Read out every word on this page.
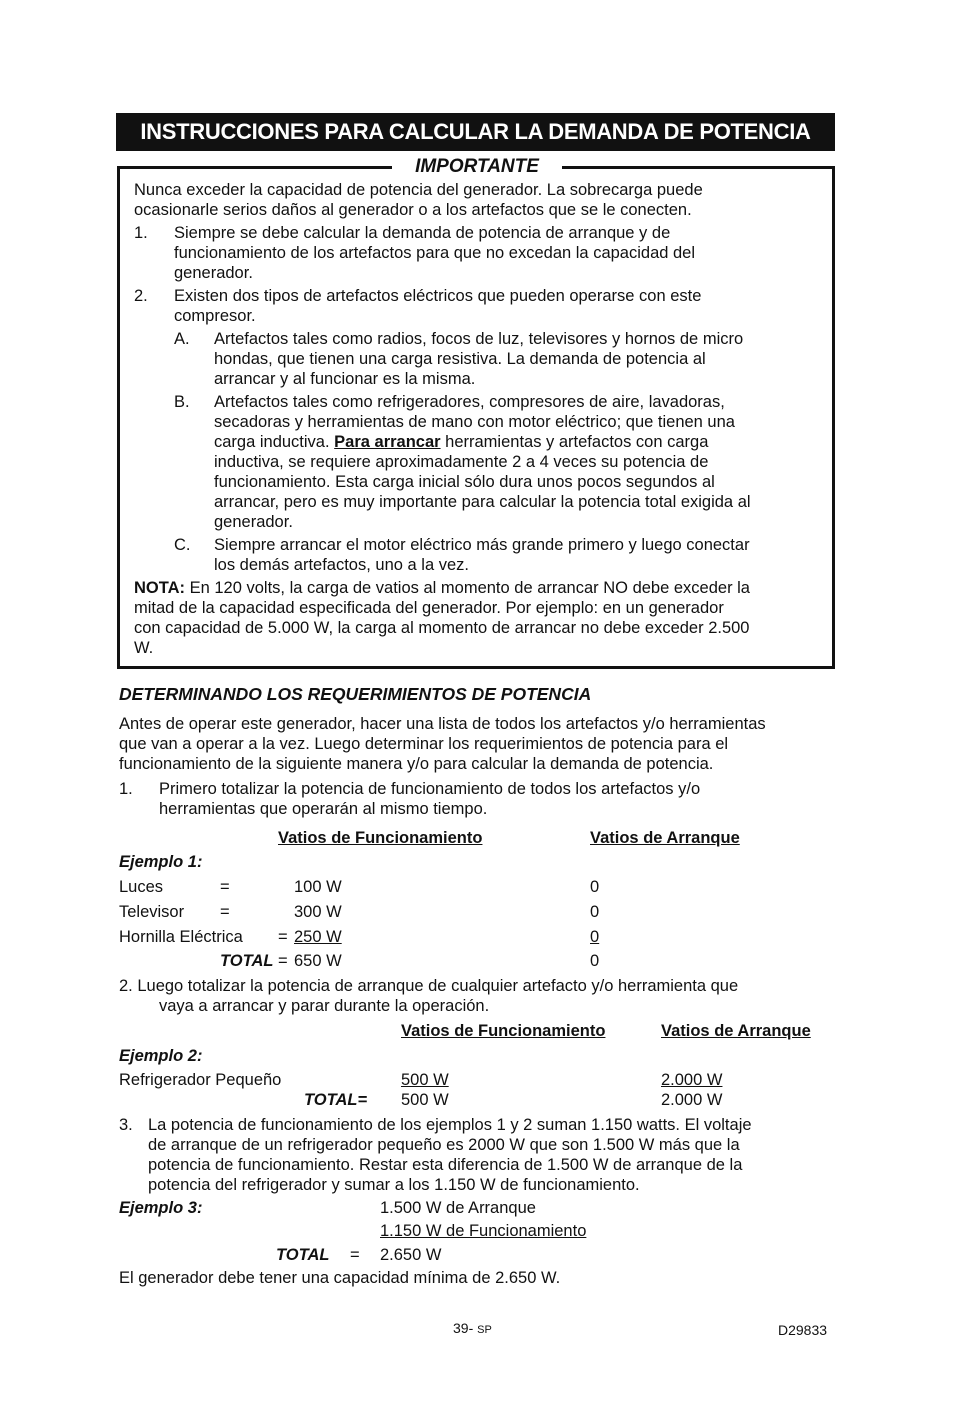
INSTRUCCIONES PARA CALCULAR LA DEMANDA DE POTENCIA
IMPORTANTE
Nunca exceder la capacidad de potencia del generador. La sobrecarga puede
ocasionarle serios daños al generador o a los artefactos que se le conecten.
1. Siempre se debe calcular la demanda de potencia de arranque y de
funcionamiento de los artefactos para que no excedan la capacidad del
generador.
2. Existen dos tipos de artefactos eléctricos que pueden operarse con este
compresor.
A. Artefactos tales como radios, focos de luz, televisores y hornos de micro
hondas, que tienen una carga resistiva. La demanda de potencia al
arrancar y al funcionar es la misma.
B. Artefactos tales como refrigeradores, compresores de aire, lavadoras,
secadoras y herramientas de mano con motor eléctrico; que tienen una
carga inductiva. Para arrancar herramientas y artefactos con carga
inductiva, se requiere aproximadamente 2 a 4 veces su potencia de
funcionamiento. Esta carga inicial sólo dura unos pocos segundos al
arrancar, pero es muy importante para calcular la potencia total exigida al
generador.
C. Siempre arrancar el motor eléctrico más grande primero y luego conectar
los demás artefactos, uno a la vez.
NOTA: En 120 volts, la carga de vatios al momento de arrancar NO debe exceder la
mitad de la capacidad especificada del generador. Por ejemplo: en un generador
con capacidad de 5.000 W, la carga al momento de arrancar no debe exceder 2.500
W.
DETERMINANDO LOS REQUERIMIENTOS DE POTENCIA
Antes de operar este generador, hacer una lista de todos los artefactos y/o herramientas
que van a operar a la vez. Luego determinar los requerimientos de potencia para el
funcionamiento de la siguiente manera y/o para calcular la demanda de potencia.
1. Primero totalizar la potencia de funcionamiento de todos los artefactos y/o
herramientas que operarán al mismo tiempo.
Vatios de Funcionamiento	Vatios de Arranque
Ejemplo 1:
Luces	=	100 W	0
Televisor =	300 W	0
Hornilla Eléctrica = 250 W	0
TOTAL = 650 W	0
2. Luego totalizar la potencia de arranque de cualquier artefacto y/o herramienta que
vaya a arrancar y parar durante la operación.
Vatios de Funcionamiento	Vatios de Arranque
Ejemplo 2:
Refrigerador Pequeño	500 W	2.000 W
TOTAL= 500 W	2.000 W
3. La potencia de funcionamiento de los ejemplos 1 y 2 suman 1.150 watts. El voltaje
de arranque de un refrigerador pequeño es 2000 W que son 1.500 W más que la
potencia de funcionamiento. Restar esta diferencia de 1.500 W de arranque de la
potencia del refrigerador y sumar a los 1.150 W de funcionamiento.
Ejemplo 3:	1.500 W de Arranque
1.150 W de Funcionamiento
TOTAL = 2.650 W
El generador debe tener una capacidad mínima de 2.650 W.
39- SP	D29833
